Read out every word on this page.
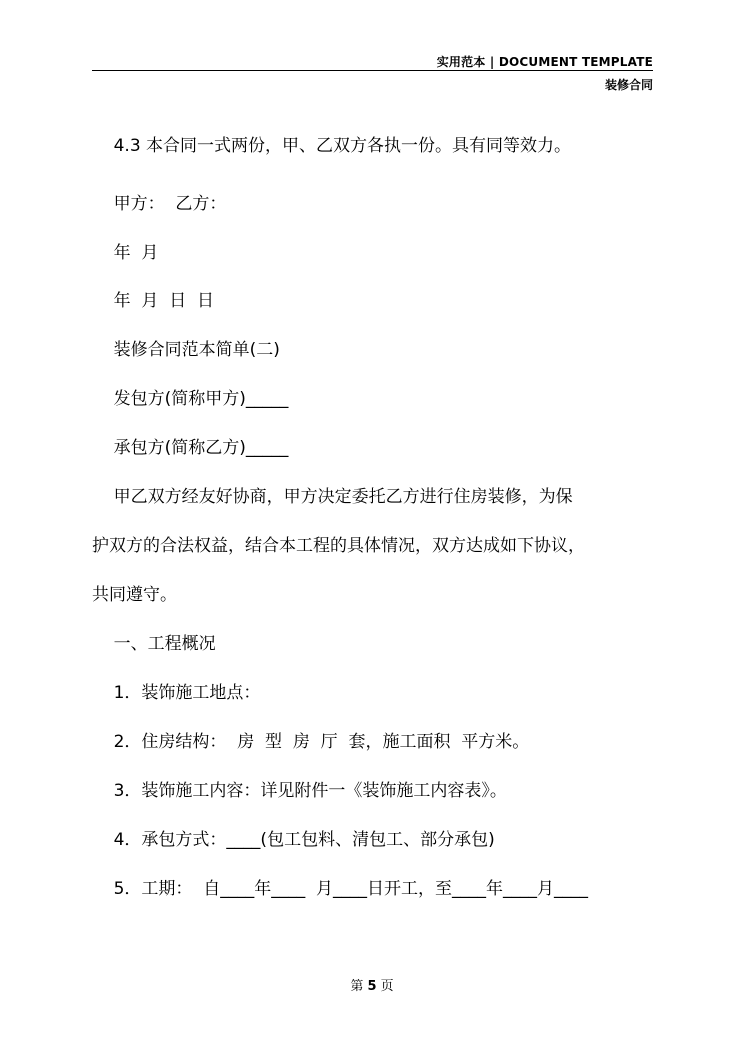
实用范本 | DOCUMENT TEMPLATE
装修合同
4.3 本合同一式两份，甲、乙双方各执一份。具有同等效力。
甲方：  乙方：
年  月
年  月  日  日
装修合同范本简单(二)
发包方(简称甲方)_____
承包方(简称乙方)_____
甲乙双方经友好协商，甲方决定委托乙方进行住房装修，为保
护双方的合法权益，结合本工程的具体情况，双方达成如下协议，
共同遵守。
一、工程概况
1．装饰施工地点：
2．住房结构：  房  型  房  厅  套，施工面积  平方米。
3．装饰施工内容：详见附件一《装饰施工内容表》。
4．承包方式：____(包工包料、清包工、部分承包)
5．工期：  自____年____  月____日开工，至____年____月____
第 5 页
